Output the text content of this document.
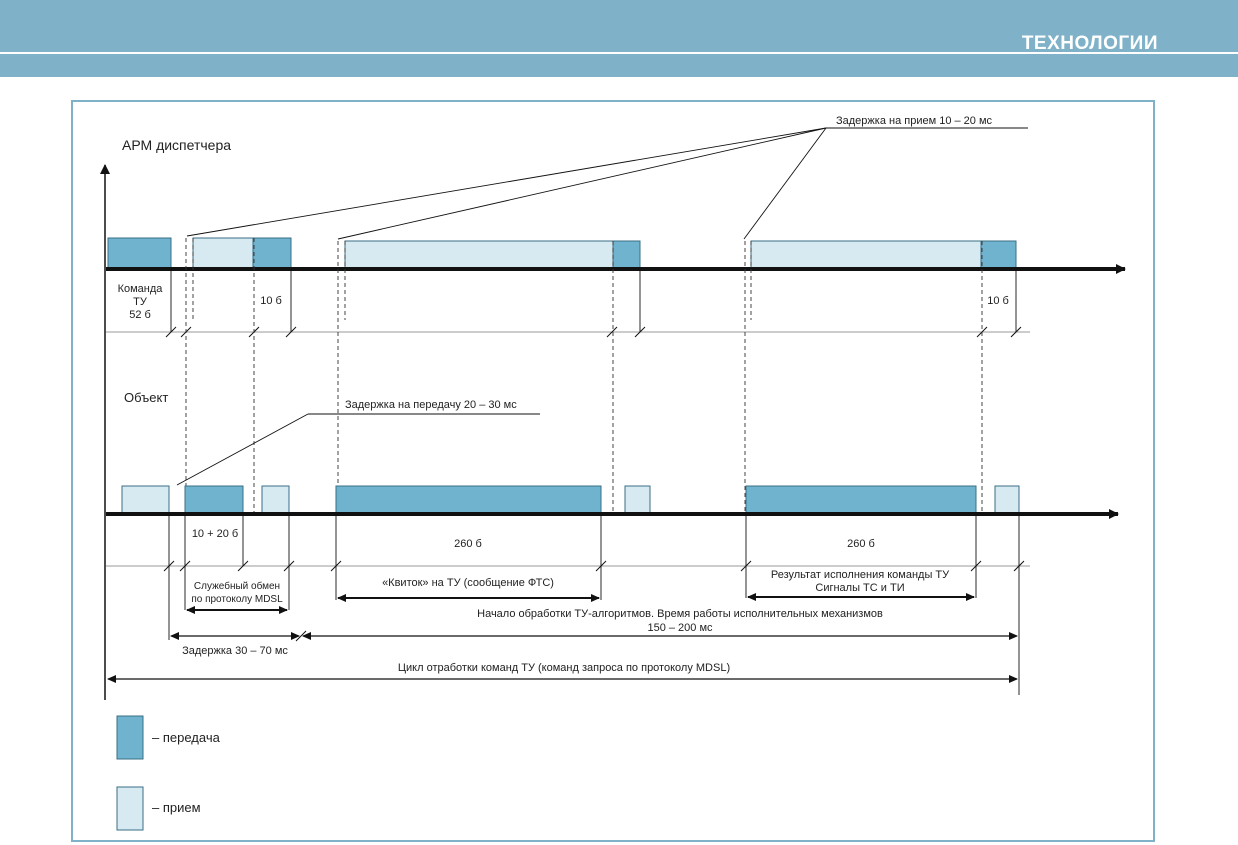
ТЕХНОЛОГИИ
АРМ диспетчера
Объект
Команда
ТУ
52 б
10 б	10 б
Задержка на прием 10 – 20 мс
Задержка на передачу 20 – 30 мс
10 + 20 б
260 б	260 б
Служебный обмен
по протоколу MDSL
«Квиток» на ТУ (сообщение ФТС)
Результат исполнения команды ТУ
Сигналы ТС и ТИ
Начало обработки ТУ-алгоритмов. Время работы исполнительных механизмов
150 – 200 мс
Задержка 30 – 70 мс
Цикл отработки команд ТУ (команд запроса по протоколу MDSL)
– передача
– прием
